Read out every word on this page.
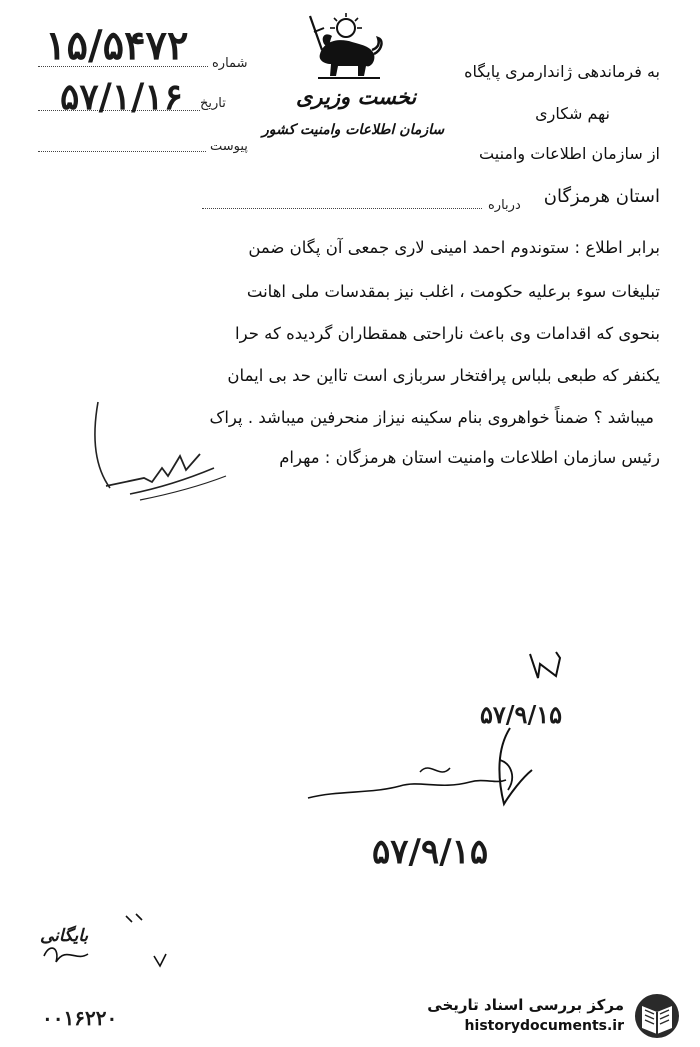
شماره
۱۵/۵۴۷۲
تاریخ
۵۷/۱/۱۶
پیوست
نخست وزیری
سازمان اطلاعات وامنیت کشور
به فرماندهی ژاندارمری پایگاه
نهم شکاری
از سازمان اطلاعات وامنیت
استان هرمزگان
درباره
برابر اطلاع : ستوندوم احمد امینی لاری جمعی آن پگان ضمن
تبلیغات سوء برعلیه حکومت ، اغلب نیز بمقدسات ملی اهانت
بنحوی که اقدامات وی باعث ناراحتی همقطاران گردیده که حرا
یکنفر که طبعی بلباس پرافتخار سربازی است تااین حد بی ایمان
میباشد ؟ ضمناً خواهروی بنام سکینه نیزاز منحرفین میباشد . پراک
رئیس سازمان اطلاعات وامنیت استان هرمزگان : مهرام
۵۷/۹/۱۵
۵۷/۹/۱۵
بایگانی
۰۰۱۶۲۲۰
مرکز بررسی اسناد تاریخی
historydocuments.ir
